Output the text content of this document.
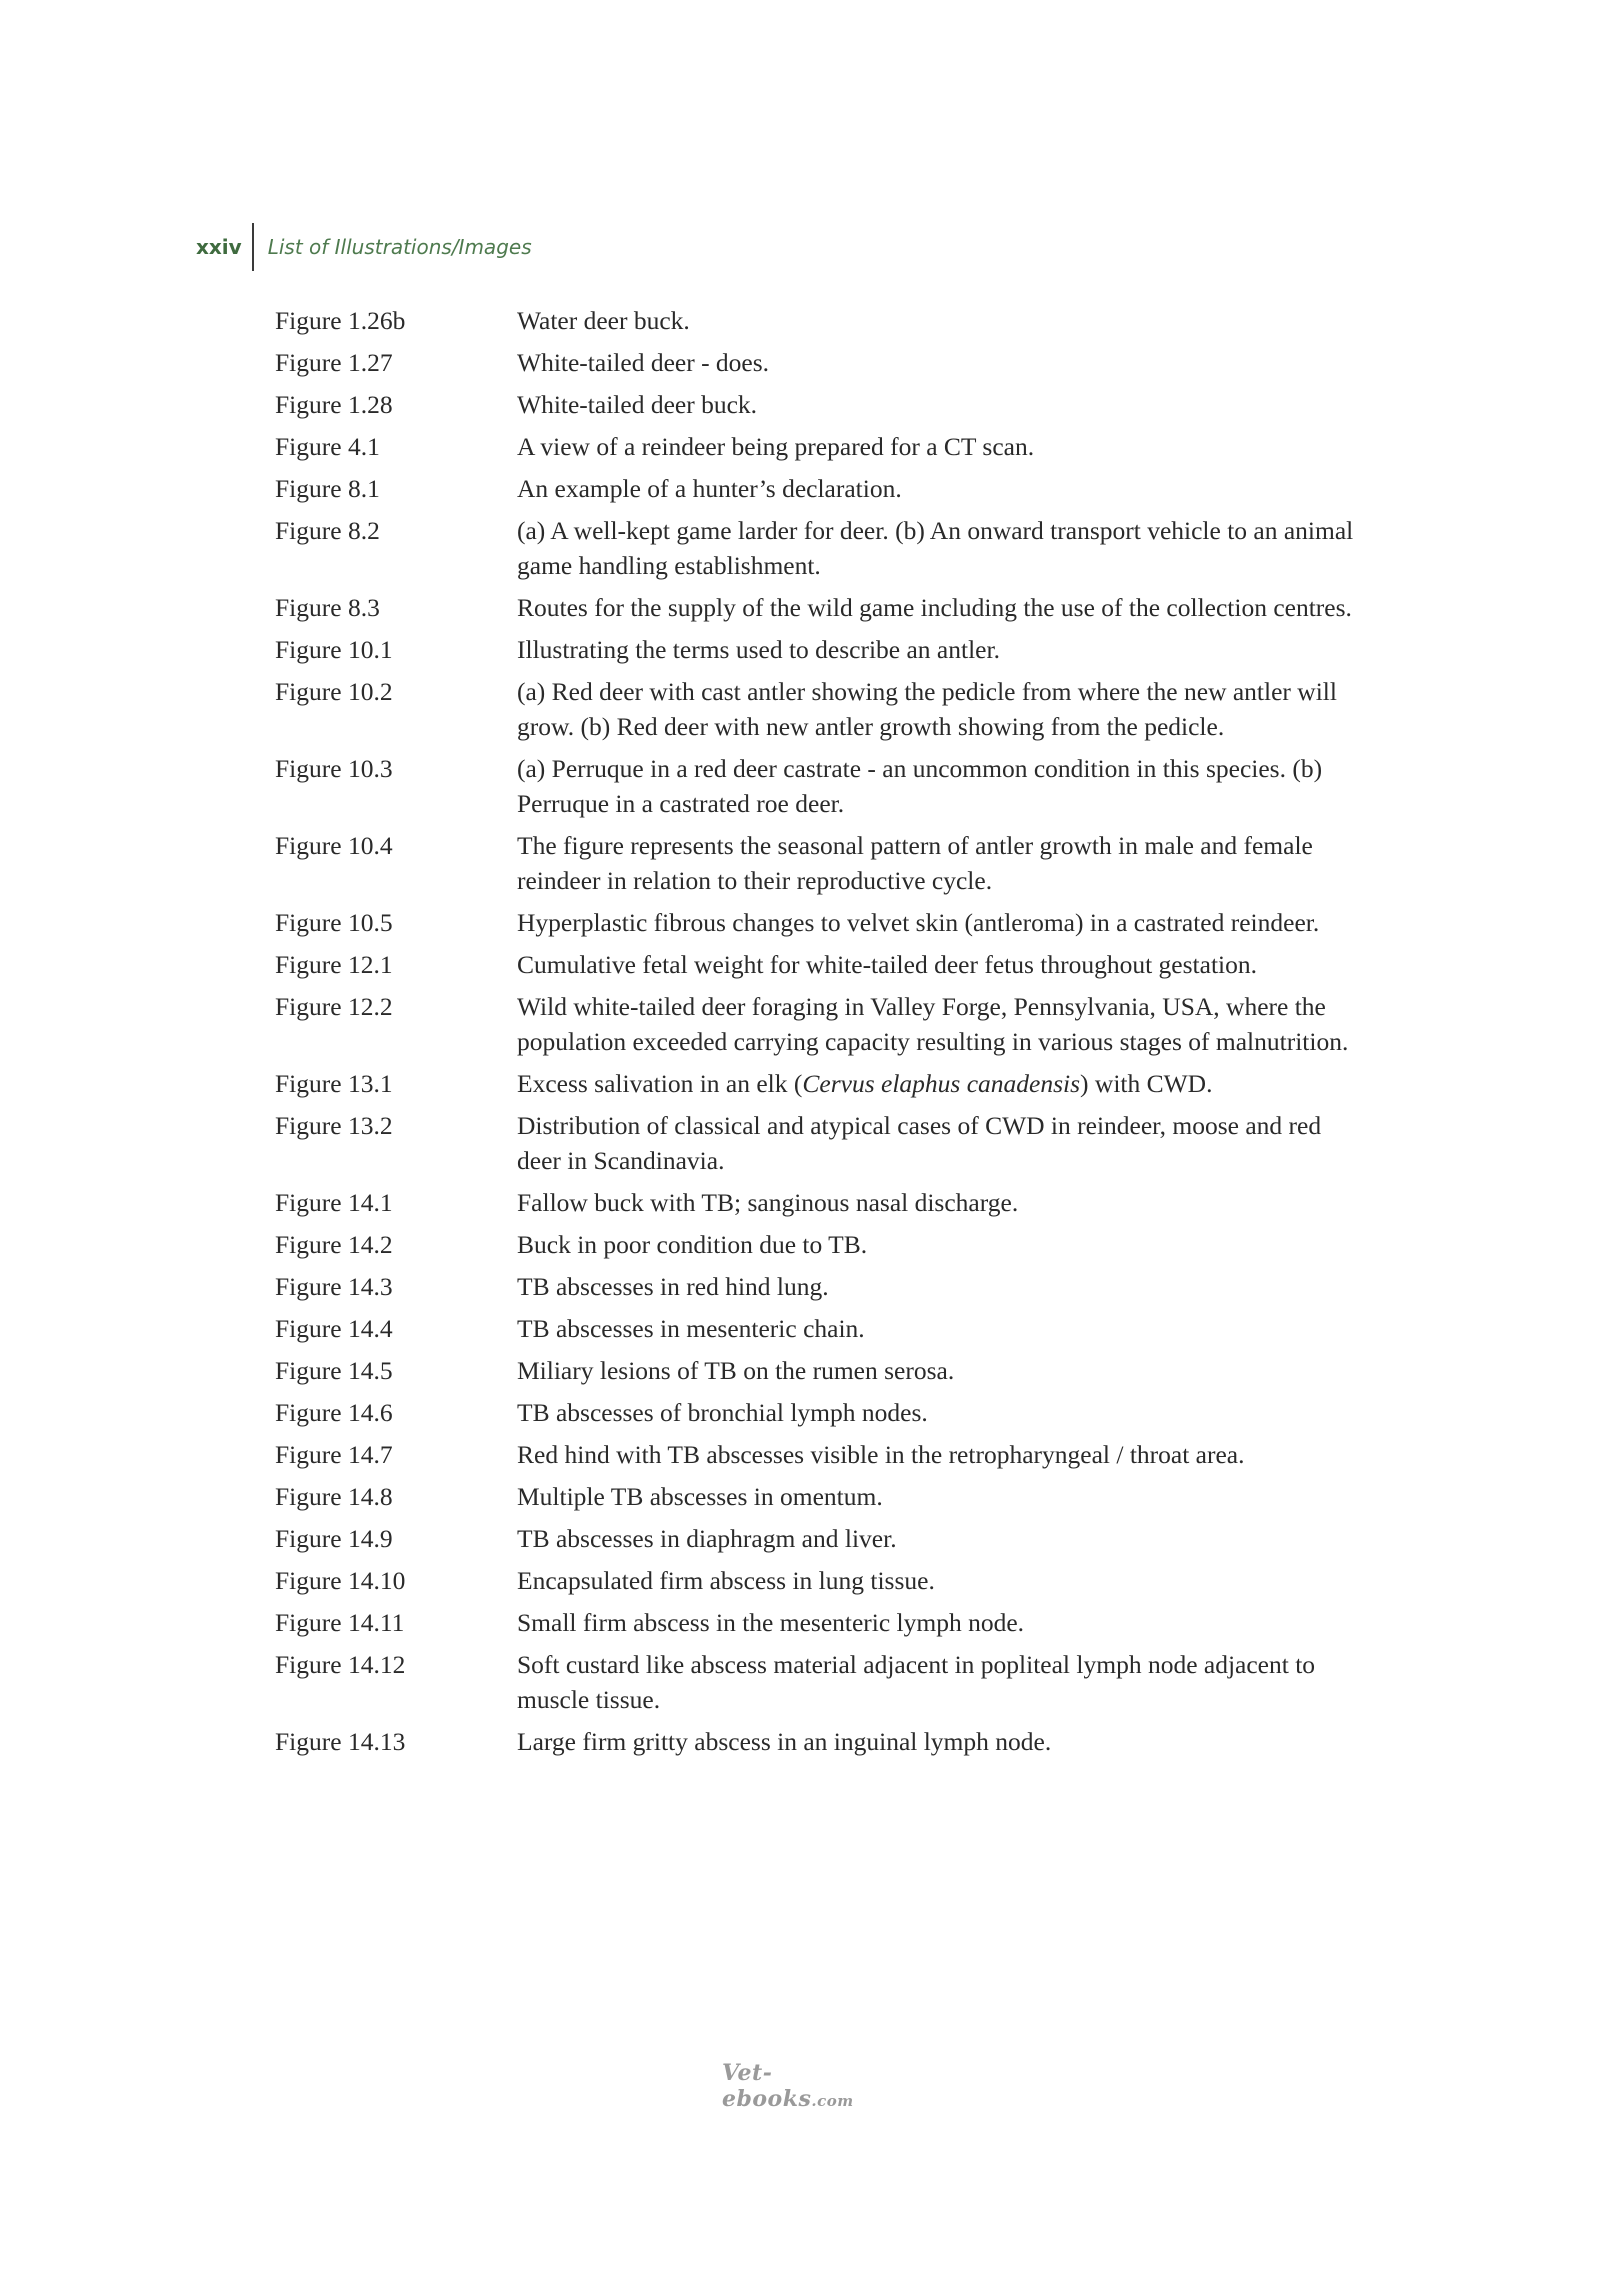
xxiv	List of Illustrations/Images
Figure 1.26b	Water deer buck.
Figure 1.27	White-tailed deer - does.
Figure 1.28	White-tailed deer buck.
Figure 4.1	A view of a reindeer being prepared for a CT scan.
Figure 8.1	An example of a hunter’s declaration.
Figure 8.2	(a) A well-kept game larder for deer. (b) An onward transport vehicle to an animal game handling establishment.
Figure 8.3	Routes for the supply of the wild game including the use of the collection centres.
Figure 10.1	Illustrating the terms used to describe an antler.
Figure 10.2	(a) Red deer with cast antler showing the pedicle from where the new antler will grow. (b) Red deer with new antler growth showing from the pedicle.
Figure 10.3	(a) Perruque in a red deer castrate - an uncommon condition in this species. (b) Perruque in a castrated roe deer.
Figure 10.4	The figure represents the seasonal pattern of antler growth in male and female reindeer in relation to their reproductive cycle.
Figure 10.5	Hyperplastic fibrous changes to velvet skin (antleroma) in a castrated reindeer.
Figure 12.1	Cumulative fetal weight for white-tailed deer fetus throughout gestation.
Figure 12.2	Wild white-tailed deer foraging in Valley Forge, Pennsylvania, USA, where the population exceeded carrying capacity resulting in various stages of malnutrition.
Figure 13.1	Excess salivation in an elk (Cervus elaphus canadensis) with CWD.
Figure 13.2	Distribution of classical and atypical cases of CWD in reindeer, moose and red deer in Scandinavia.
Figure 14.1	Fallow buck with TB; sanginous nasal discharge.
Figure 14.2	Buck in poor condition due to TB.
Figure 14.3	TB abscesses in red hind lung.
Figure 14.4	TB abscesses in mesenteric chain.
Figure 14.5	Miliary lesions of TB on the rumen serosa.
Figure 14.6	TB abscesses of bronchial lymph nodes.
Figure 14.7	Red hind with TB abscesses visible in the retropharyngeal / throat area.
Figure 14.8	Multiple TB abscesses in omentum.
Figure 14.9	TB abscesses in diaphragm and liver.
Figure 14.10	Encapsulated firm abscess in lung tissue.
Figure 14.11	Small firm abscess in the mesenteric lymph node.
Figure 14.12	Soft custard like abscess material adjacent in popliteal lymph node adjacent to muscle tissue.
Figure 14.13	Large firm gritty abscess in an inguinal lymph node.
Vet-ebooks.com
